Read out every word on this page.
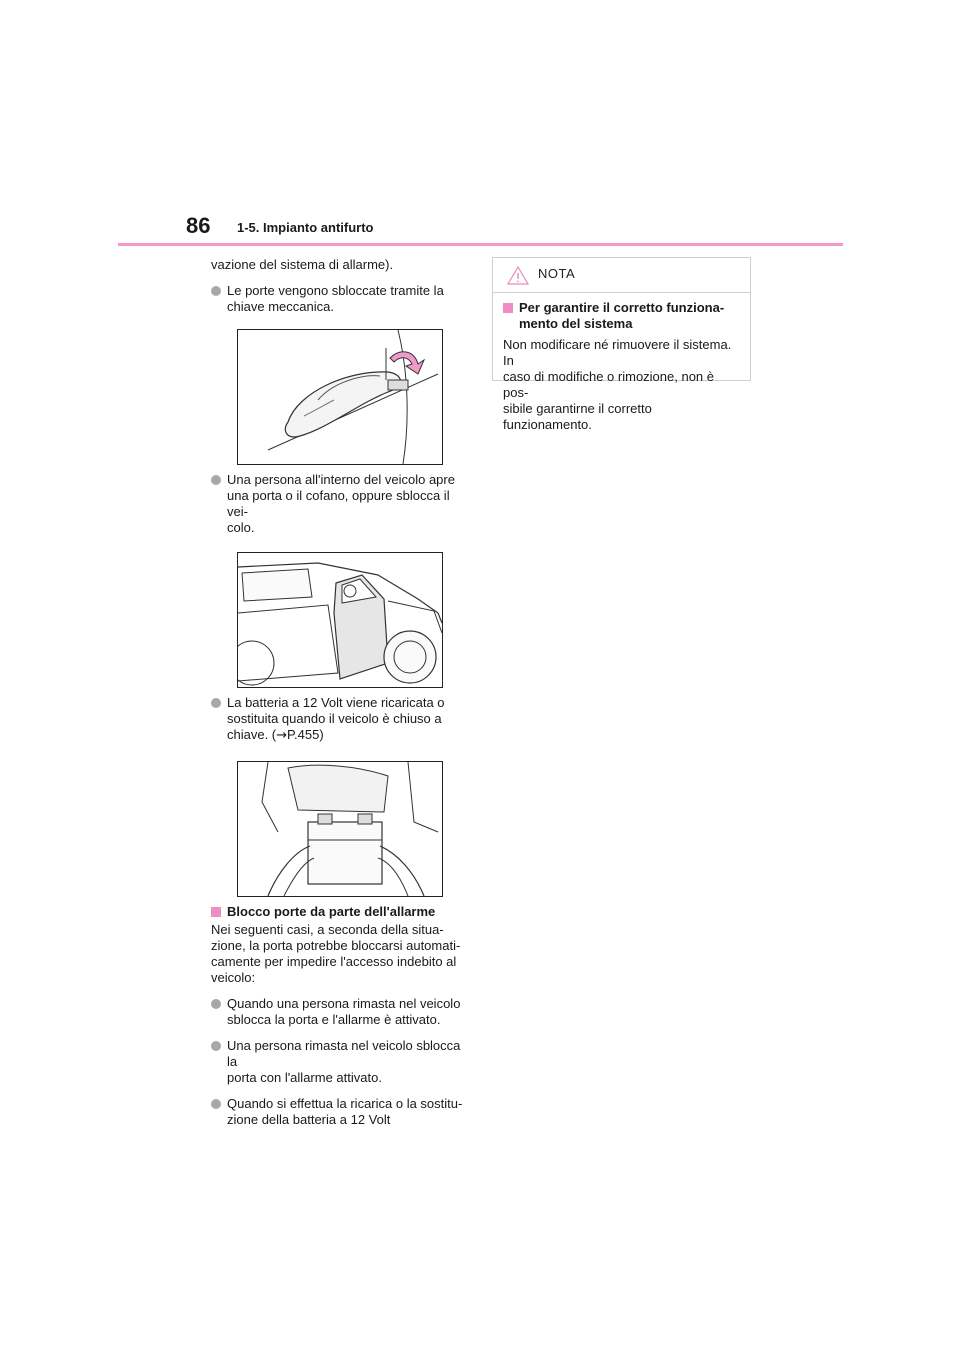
86 1-5. Impianto antifurto

vazione del sistema di allarme).

Le porte vengono sbloccate tramite la
chiave meccanica.
Una persona all'interno del veicolo apre
una porta o il cofano, oppure sblocca il vei-
colo.
La batteria a 12 Volt viene ricaricata o
sostituita quando il veicolo è chiuso a
chiave. (→P.455)
Blocco porte da parte dell'allarme
Nei seguenti casi, a seconda della situa-
zione, la porta potrebbe bloccarsi automati-
camente per impedire l'accesso indebito al
veicolo:
Quando una persona rimasta nel veicolo
sblocca la porta e l'allarme è attivato.
Una persona rimasta nel veicolo sblocca la
porta con l'allarme attivato.
Quando si effettua la ricarica o la sostitu-
zione della batteria a 12 Volt
NOTA
Per garantire il corretto funziona-
mento del sistema
Non modificare né rimuovere il sistema. In
caso di modifiche o rimozione, non è pos-
sibile garantirne il corretto funzionamento.
